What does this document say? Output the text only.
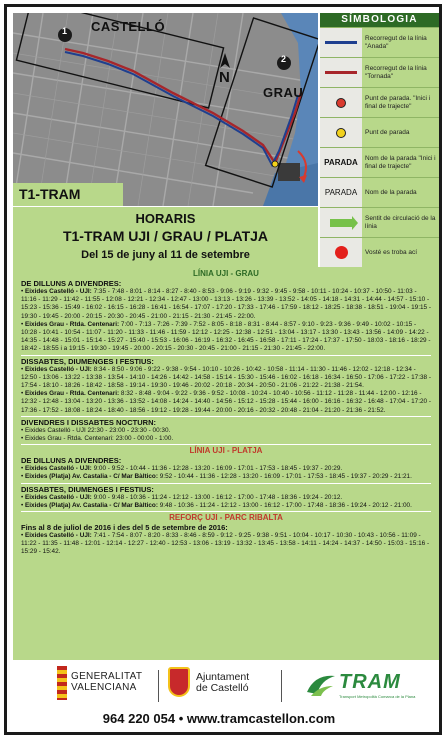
CASTELLÓ
GRAU
N
1
2
T1-TRAM
SÍMBOLOGIA
Recorregut de la línia "Anada"
Recorregut de la línia "Tornada"
Punt de parada. "Inici i final de trajecte"
Punt de parada
PARADA	Nom de la parada "Inici i final de trajecte"
PARADA	Nom de la parada
Sentit de circulació de la línia
Vosté es troba ací
HORARIS
T1-TRAM UJI / GRAU / PLATJA
Del 15 de juny al 11 de setembre
LÍNIA UJI - GRAU
DE DILLUNS A DIVENDRES:
• Eixides Castelló - UJI: 7:35 - 7:48 - 8:01 - 8:14 - 8:27 - 8:40 - 8:53 - 9:06 - 9:19 - 9:32 - 9:45 - 9:58 - 10:11 - 10:24 - 10:37 - 10:50 - 11:03 - 11:16 - 11:29 - 11:42 - 11:55 - 12:08 - 12:21 - 12:34 - 12:47 - 13:00 - 13:13 - 13:26 - 13:39 - 13:52 - 14:05 - 14:18 - 14:31 - 14:44 - 14:57 - 15:10 - 15:23 - 15:36 - 15:49 - 16:02 - 16:15 - 16:28 - 16:41 - 16:54 - 17:07 - 17:20 - 17:33 - 17:46 - 17:59 - 18:12 - 18:25 - 18:38 - 18:51 - 19:04 - 19:15 - 19:30 - 19:45 - 20:00 - 20:15 - 20:30 - 20:45 - 21:00 - 21:15 - 21:30 - 21:45 - 22:00.
• Eixides Grau - Rtda. Centenari: 7:00 - 7:13 - 7:26 - 7:39 - 7:52 - 8:05 - 8:18 - 8:31 - 8:44 - 8:57 - 9:10 - 9:23 - 9:36 - 9:49 - 10:02 - 10:15 - 10:28 - 10:41 - 10:54 - 11:07 - 11:20 - 11:33 - 11:46 - 11:59 - 12:12 - 12:25 - 12:38 - 12:51 - 13:04 - 13:17 - 13:30 - 13:43 - 13:56 - 14:09 - 14:22 - 14:35 - 14:48 - 15:01 - 15:14 - 15:27 - 15:40 - 15:53 - 16:06 - 16:19 - 16:32 - 16:45 - 16:58 - 17:11 - 17:24 - 17:37 - 17:50 - 18:03 - 18:16 - 18:29 - 18:42 - 18:55 i a 19:15 - 19:30 - 19:45 - 20:00 - 20:15 - 20:30 - 20:45 - 21:00 - 21:15 - 21:30 - 21:45 - 22:00.
DISSABTES, DIUMENGES I FESTIUS:
• Eixides Castelló - UJI: 8:34 - 8:50 - 9:06 - 9:22 - 9:38 - 9:54 - 10:10 - 10:26 - 10:42 - 10:58 - 11:14 - 11:30 - 11:46 - 12:02 - 12:18 - 12:34 - 12:50 - 13:06 - 13:22 - 13:38 - 13:54 - 14:10 - 14:26 - 14:42 - 14:58 - 15:14 - 15:30 - 15:46 - 16:02 - 16:18 - 16:34 - 16:50 - 17:06 - 17:22 - 17:38 - 17:54 - 18:10 - 18:26 - 18:42 - 18:58 - 19:14 - 19:30 - 19:46 - 20:02 - 20:18 - 20:34 - 20:50 - 21:06 - 21:22 - 21:38 - 21:54.
• Eixides Grau - Rtda. Centenari: 8:32 - 8:48 - 9:04 - 9:22 - 9:36 - 9:52 - 10:08 - 10:24 - 10:40 - 10:56 - 11:12 - 11:28 - 11:44 - 12:00 - 12:16 - 12:32 - 12:48 - 13:04 - 13:20 - 13:36 - 13:52 - 14:08 - 14:24 - 14:40 - 14:56 - 15:12 - 15:28 - 15:44 - 16:00 - 16:16 - 16:32 - 16:48 - 17:04 - 17:20 - 17:36 - 17:52 - 18:08 - 18:24 - 18:40 - 18:56 - 19:12 - 19:28 - 19:44 - 20:00 - 20:16 - 20:32 - 20:48 - 21:04 - 21:20 - 21:36 - 21:52.
DIVENDRES I DISSABTES NOCTURN:
• Eixides Castelló - UJI 22:30 - 23:00 - 23:30 - 00:30.
• Eixides Grau - Rtda. Centenari: 23:00 - 00:00 - 1:00.
LÍNIA UJI - PLATJA
DE DILLUNS A DIVENDRES:
• Eixides Castelló - UJI: 9:00 - 9:52 - 10:44 - 11:36 - 12:28 - 13:20 - 16:09 - 17:01 - 17:53 - 18:45 - 19:37 - 20:29.
• Eixides (Platja) Av. Castalia - C/ Mar Bàltico: 9:52 - 10:44 - 11:36 - 12:28 - 13:20 - 16:09 - 17:01 - 17:53 - 18:45 - 19:37 - 20:29 - 21:21.
DISSABTES, DIUMENGES I FESTIUS:
• Eixides Castelló - UJI: 9:00 - 9:48 - 10:36 - 11:24 - 12:12 - 13:00 - 16:12 - 17:00 - 17:48 - 18:36 - 19:24 - 20:12.
• Eixides (Platja) Av. Castalia - C/ Mar Bàltico: 9:48 - 10:36 - 11:24 - 12:12 - 13:00 - 16:12 - 17:00 - 17:48 - 18:36 - 19:24 - 20:12 - 21:00.
REFORÇ UJI - PARC RIBALTA
Fins al 8 de juliol de 2016 i des del 5 de setembre de 2016:
• Eixides Castelló - UJI: 7:41 - 7:54 - 8:07 - 8:20 - 8:33 - 8:46 - 8:59 - 9:12 - 9:25 - 9:38 - 9:51 - 10:04 - 10:17 - 10:30 - 10:43 - 10:56 - 11:09 - 11:22 - 11:35 - 11:48 - 12:01 - 12:14 - 12:27 - 12:40 - 12:53 - 13:06 - 13:19 - 13:32 - 13:45 - 13:58 - 14:11 - 14:24 - 14:37 - 14:50 - 15:03 - 15:16 - 15:29 - 15:42.
GENERALITAT
VALENCIANA
Ajuntament
de Castelló	TRAM
Transport Metropolità Comarca de la Plana
964 220 054 • www.tramcastellon.com
